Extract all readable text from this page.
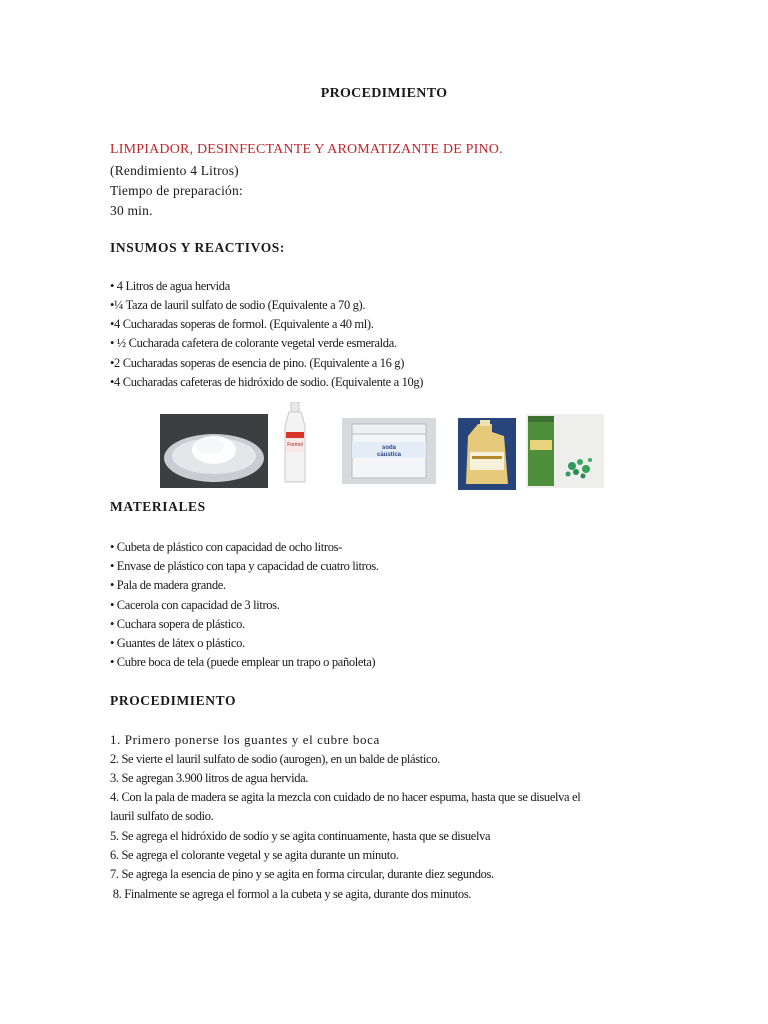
PROCEDIMIENTO

LIMPIADOR, DESINFECTANTE Y AROMATIZANTE DE PINO.

(Rendimiento 4 Litros)

Tiempo de preparación:

30 min.

INSUMOS Y REACTIVOS:

• 4 Litros de agua hervida

•¼ Taza de lauril sulfato de sodio (Equivalente a 70 g).

•4 Cucharadas soperas de formol. (Equivalente a 40 ml).

• ½ Cucharada cafetera de colorante vegetal verde esmeralda.

•2 Cucharadas soperas de esencia de pino. (Equivalente a 16 g)

•4 Cucharadas cafeteras de hidróxido de sodio. (Equivalente a 10g)

Formol	soda
cáustica

MATERIALES

• Cubeta de plástico con capacidad de ocho litros-

• Envase de plástico con tapa y capacidad de cuatro litros.

• Pala de madera grande.

• Cacerola con capacidad de 3 litros.

• Cuchara sopera de plástico.

• Guantes de látex o plástico.

• Cubre boca de tela (puede emplear un trapo o pañoleta)

PROCEDIMIENTO

1. Primero ponerse los guantes y el cubre boca

2. Se vierte el lauril sulfato de sodio (aurogen), en un balde de plástico.

3. Se agregan 3.900 litros de agua hervida.

4. Con la pala de madera se agita la mezcla con cuidado de no hacer espuma, hasta que se disuelva el

lauril sulfato de sodio.

5. Se agrega el hidróxido de sodio y se agita continuamente, hasta que se disuelva

6. Se agrega el colorante vegetal y se agita durante un minuto.

7. Se agrega la esencia de pino y se agita en forma circular, durante diez segundos.

8. Finalmente se agrega el formol a la cubeta y se agita, durante dos minutos.
